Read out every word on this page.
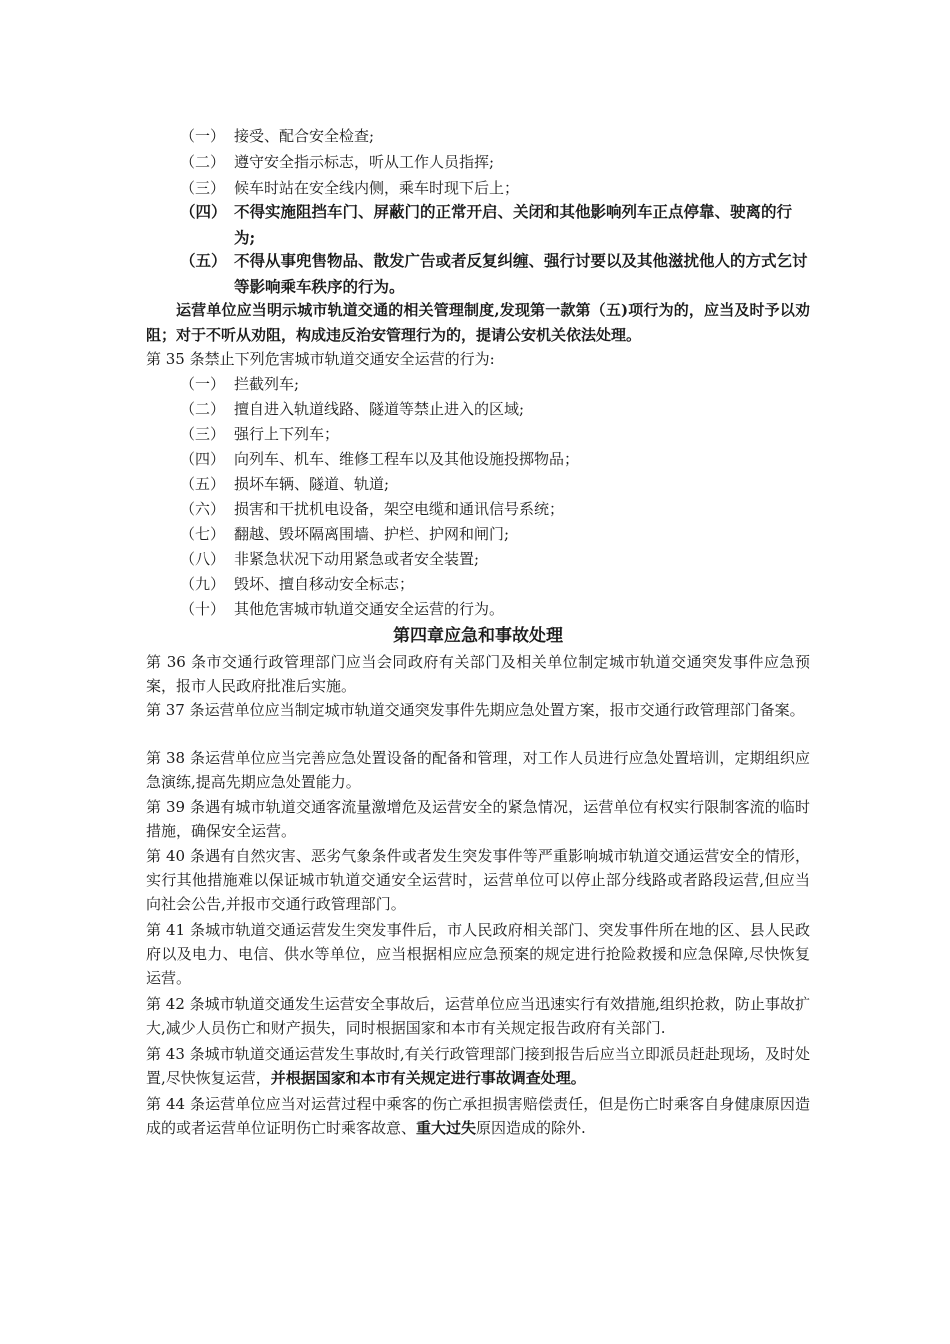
（一） 接受、配合安全检查;
（二） 遵守安全指示标志，听从工作人员指挥;
（三） 候车时站在安全线内侧，乘车时现下后上；
（四） 不得实施阻挡车门、屏蔽门的正常开启、关闭和其他影响列车正点停靠、驶离的行为;
（五） 不得从事兜售物品、散发广告或者反复纠缠、强行讨要以及其他滋扰他人的方式乞讨等影响乘车秩序的行为。
运营单位应当明示城市轨道交通的相关管理制度,发现第一款第（五)项行为的，应当及时予以劝阻；对于不听从劝阻，构成违反治安管理行为的，提请公安机关依法处理。
第 35 条禁止下列危害城市轨道交通安全运营的行为:
（一） 拦截列车;
（二） 擅自进入轨道线路、隧道等禁止进入的区域;
（三） 强行上下列车；
（四） 向列车、机车、维修工程车以及其他设施投掷物品；
（五） 损坏车辆、隧道、轨道;
（六） 损害和干扰机电设备，架空电缆和通讯信号系统；
（七） 翻越、毁坏隔离围墙、护栏、护网和闸门;
（八） 非紧急状况下动用紧急或者安全装置;
（九） 毁坏、擅自移动安全标志；
（十） 其他危害城市轨道交通安全运营的行为。
第四章应急和事故处理
第 36 条市交通行政管理部门应当会同政府有关部门及相关单位制定城市轨道交通突发事件应急预案，报市人民政府批准后实施。
第 37 条运营单位应当制定城市轨道交通突发事件先期应急处置方案，报市交通行政管理部门备案。
第 38 条运营单位应当完善应急处置设备的配备和管理，对工作人员进行应急处置培训，定期组织应急演练,提高先期应急处置能力。
第 39 条遇有城市轨道交通客流量激增危及运营安全的紧急情况，运营单位有权实行限制客流的临时措施，确保安全运营。
第 40 条遇有自然灾害、恶劣气象条件或者发生突发事件等严重影响城市轨道交通运营安全的情形，实行其他措施难以保证城市轨道交通安全运营时，运营单位可以停止部分线路或者路段运营,但应当向社会公告,并报市交通行政管理部门。
第 41 条城市轨道交通运营发生突发事件后，市人民政府相关部门、突发事件所在地的区、县人民政府以及电力、电信、供水等单位，应当根据相应应急预案的规定进行抢险救援和应急保障,尽快恢复运营。
第 42 条城市轨道交通发生运营安全事故后，运营单位应当迅速实行有效措施,组织抢救，防止事故扩大,减少人员伤亡和财产损失，同时根据国家和本市有关规定报告政府有关部门.
第 43 条城市轨道交通运营发生事故时,有关行政管理部门接到报告后应当立即派员赶赴现场，及时处置,尽快恢复运营，并根据国家和本市有关规定进行事故调查处理。
第 44 条运营单位应当对运营过程中乘客的伤亡承担损害赔偿责任，但是伤亡时乘客自身健康原因造成的或者运营单位证明伤亡时乘客故意、重大过失原因造成的除外.
